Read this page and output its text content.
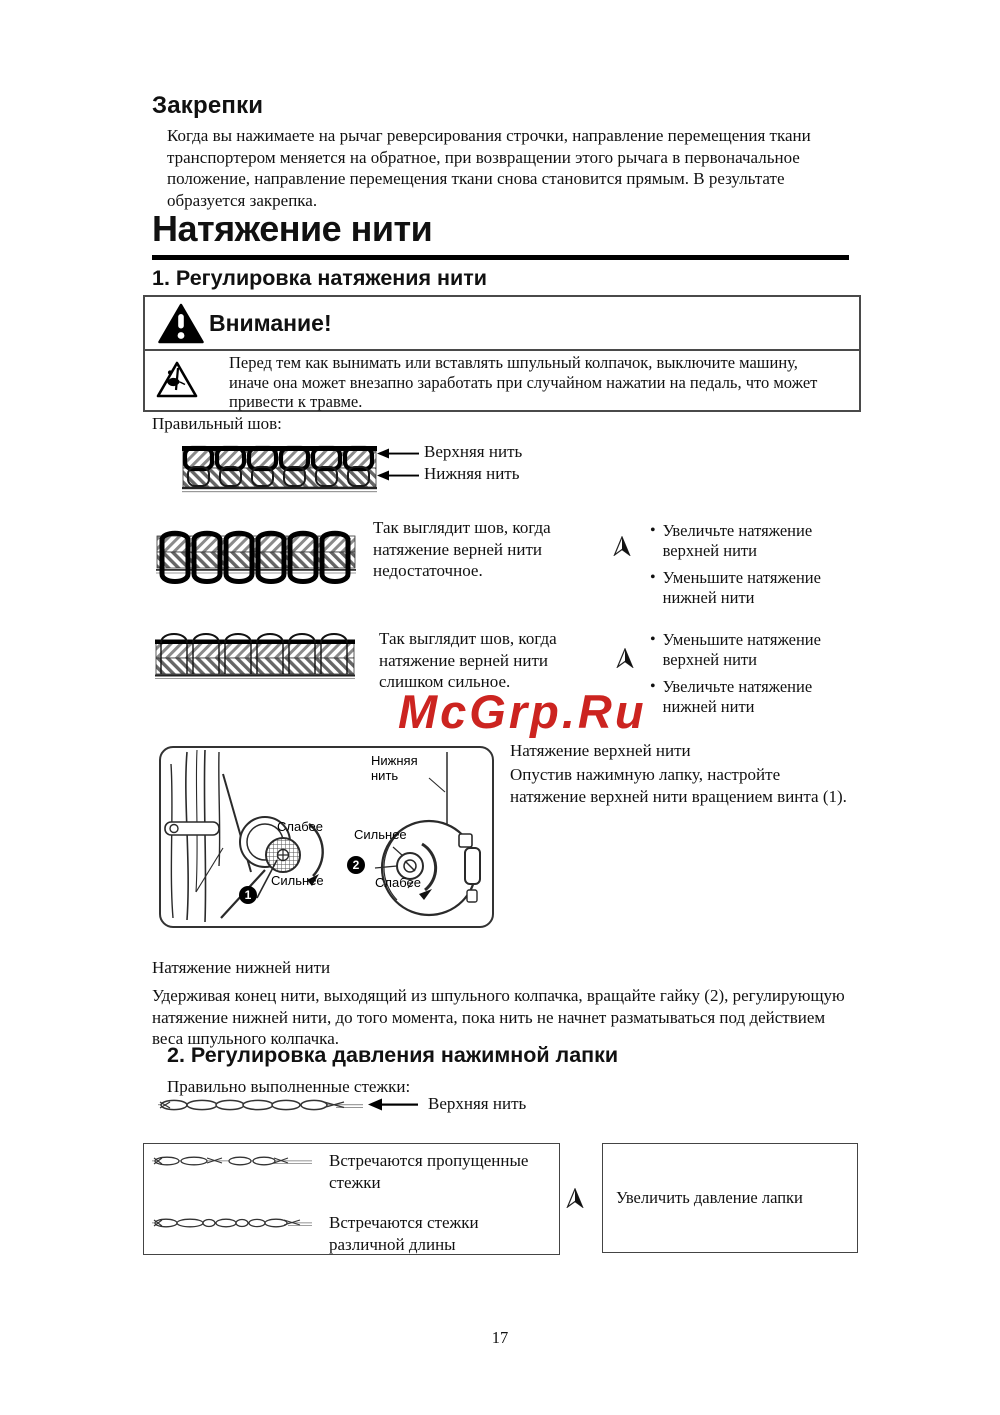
Закрепки
Когда вы нажимаете на рычаг реверсирования строчки, направление перемещения ткани
транспортером меняется на обратное, при возвращении этого рычага в первоначальное
положение, направление перемещения ткани снова становится прямым. В результате
образуется закрепка.
Натяжение нити
1. Регулировка натяжения нити
Внимание!
Перед тем как вынимать или вставлять шпульный колпачок, выключите машину,
иначе она может внезапно заработать при случайном нажатии на педаль, что может
привести к травме.
Правильный шов:
Верхняя нить
Нижняя нить
Так выглядит шов, когда натяжение верней нити недостаточное.
• Увеличьте натяжение верхней нити
• Уменьшите натяжение нижней нити
Так выглядит шов, когда натяжение верней нити слишком сильное.
• Уменьшите натяжение верхней нити
• Увеличьте натяжение нижней нити
McGrp.Ru
Нижняя нить
Слабее
Сильнее
1
Сильнее
2
Слабее
Натяжение верхней нити
Опустив нажимную лапку, настройте
натяжение верхней нити вращением винта (1).
Натяжение нижней нити
Удерживая конец нити, выходящий из шпульного колпачка, вращайте гайку (2), регулирующую
натяжение нижней нити, до того момента, пока нить не начнет разматываться под действием
веса шпульного колпачка.
2. Регулировка давления нажимной лапки
Правильно выполненные стежки:
Верхняя нить
Встречаются пропущенные стежки
Встречаются стежки различной длины
Увеличить давление лапки
17
